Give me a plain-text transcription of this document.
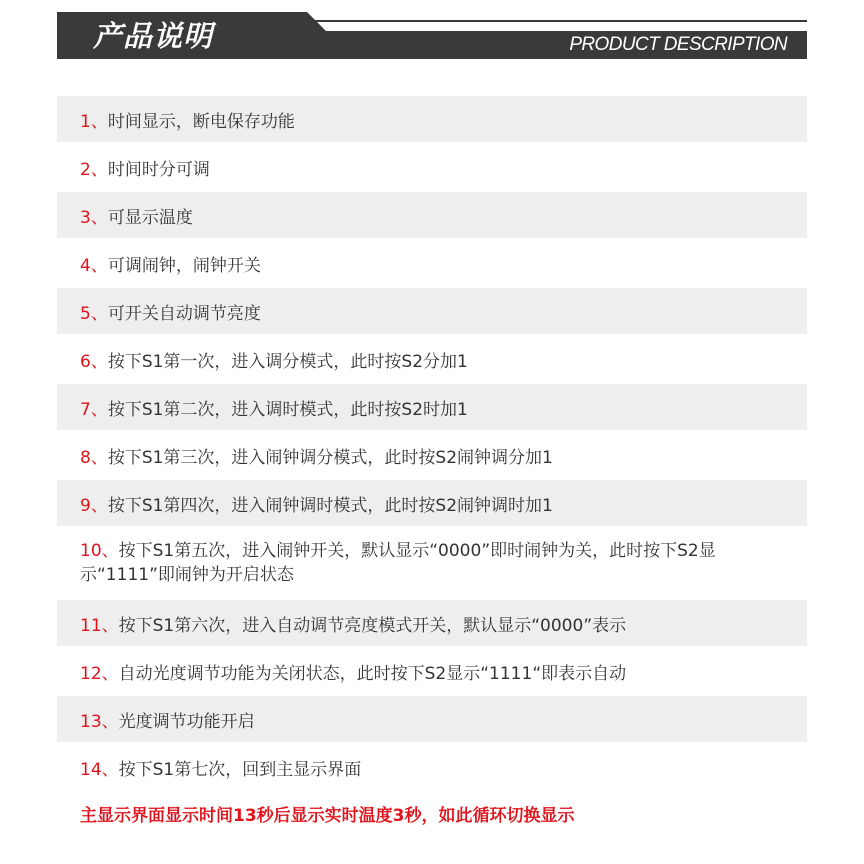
产品说明	PRODUCT DESCRIPTION
1、 时间显示，断电保存功能
2、 时间时分可调
3、 可显示温度
4、 可调闹钟，闹钟开关
5、 可开关自动调节亮度
6、 按下S1第一次，进入调分模式，此时按S2分加1
7、 按下S1第二次，进入调时模式，此时按S2时加1
8、 按下S1第三次，进入闹钟调分模式，此时按S2闹钟调分加1
9、 按下S1第四次，进入闹钟调时模式，此时按S2闹钟调时加1
10、按下S1第五次，进入闹钟开关，默认显示“0000”即时闹钟为关，此时按下S2显示“1111”即闹钟为开启状态
11、 按下S1第六次，进入自动调节亮度模式开关，默认显示“0000”表示
12、 自动光度调节功能为关闭状态，此时按下S2显示“1111“即表示自动
13、 光度调节功能开启
14、 按下S1第七次，回到主显示界面
主显示界面显示时间13秒后显示实时温度3秒，如此循环切换显示
